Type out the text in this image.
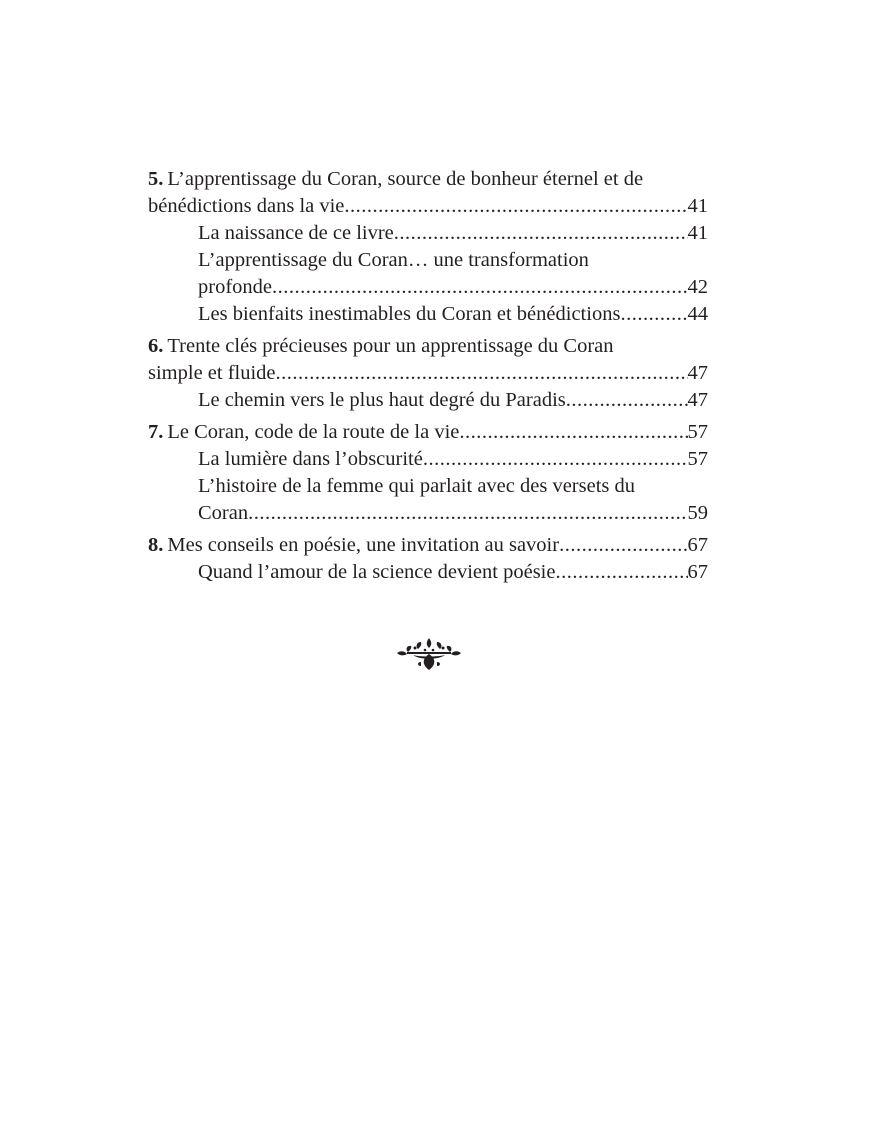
5. L’apprentissage du Coran, source de bonheur éternel et de
bénédictions dans la vie .....	41
La naissance de ce livre .....	41
L’apprentissage du Coran… une transformation
profonde .....	42
Les bienfaits inestimables du Coran et bénédictions .....	44
6. Trente clés précieuses pour un apprentissage du Coran
simple et fluide .....	47
Le chemin vers le plus haut degré du Paradis .....	47
7. Le Coran, code de la route de la vie .....	57
La lumière dans l’obscurité .....	57
L’histoire de la femme qui parlait avec des versets du
Coran .....	59
8. Mes conseils en poésie, une invitation au savoir .....	67
Quand l’amour de la science devient poésie .....	67
